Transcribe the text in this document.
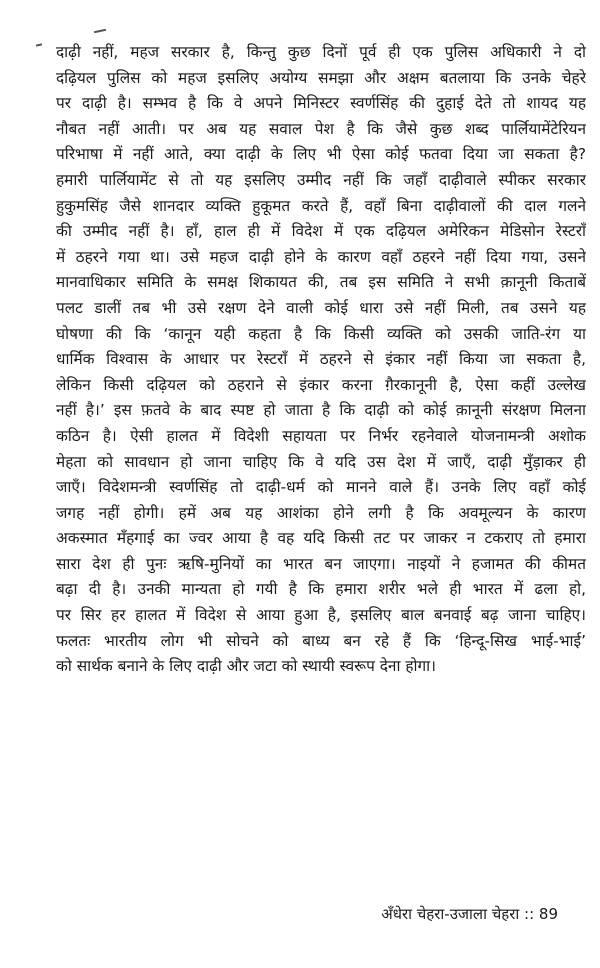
दाढ़ी नहीं, महज सरकार है, किन्तु कुछ दिनों पूर्व ही एक पुलिस अधिकारी ने दो
दढ़ियल पुलिस को महज इसलिए अयोग्य समझा और अक्षम बतलाया कि उनके चेहरे
पर दाढ़ी है। सम्भव है कि वे अपने मिनिस्टर स्वर्णसिंह की दुहाई देते तो शायद यह
नौबत नहीं आती। पर अब यह सवाल पेश है कि जैसे कुछ शब्द पार्लियामेंटेरियन
परिभाषा में नहीं आते, क्या दाढ़ी के लिए भी ऐसा कोई फतवा दिया जा सकता है?
हमारी पार्लियामेंट से तो यह इसलिए उम्मीद नहीं कि जहाँ दाढ़ीवाले स्पीकर सरकार
हुकुमसिंह जैसे शानदार व्यक्ति हुकूमत करते हैं, वहाँ बिना दाढ़ीवालों की दाल गलने
की उम्मीद नहीं है। हाँ, हाल ही में विदेश में एक दढ़ियल अमेरिकन मेडिसोन रेस्टराँ
में ठहरने गया था। उसे महज दाढ़ी होने के कारण वहाँ ठहरने नहीं दिया गया, उसने
मानवाधिकार समिति के समक्ष शिकायत की, तब इस समिति ने सभी क़ानूनी किताबें
पलट डालीं तब भी उसे रक्षण देने वाली कोई धारा उसे नहीं मिली, तब उसने यह
घोषणा की कि ‘कानून यही कहता है कि किसी व्यक्ति को उसकी जाति-रंग या
धार्मिक विश्वास के आधार पर रेस्टराँ में ठहरने से इंकार नहीं किया जा सकता है,
लेकिन किसी दढ़ियल को ठहराने से इंकार करना ग़ैरकानूनी है, ऐसा कहीं उल्लेख
नहीं है।’ इस फ़तवे के बाद स्पष्ट हो जाता है कि दाढ़ी को कोई क़ानूनी संरक्षण मिलना
कठिन है। ऐसी हालत में विदेशी सहायता पर निर्भर रहनेवाले योजनामन्त्री अशोक
मेहता को सावधान हो जाना चाहिए कि वे यदि उस देश में जाएँ, दाढ़ी मुँड़ाकर ही
जाएँ। विदेशमन्त्री स्वर्णसिंह तो दाढ़ी-धर्म को मानने वाले हैं। उनके लिए वहाँ कोई
जगह नहीं होगी। हमें अब यह आशंका होने लगी है कि अवमूल्यन के कारण
अकस्मात मँहगाई का ज्वर आया है वह यदि किसी तट पर जाकर न टकराए तो हमारा
सारा देश ही पुनः ऋषि-मुनियों का भारत बन जाएगा। नाइयों ने हजामत की कीमत
बढ़ा दी है। उनकी मान्यता हो गयी है कि हमारा शरीर भले ही भारत में ढला हो,
पर सिर हर हालत में विदेश से आया हुआ है, इसलिए बाल बनवाई बढ़ जाना चाहिए।
फलतः भारतीय लोग भी सोचने को बाध्य बन रहे हैं कि ‘हिन्दू-सिख भाई-भाई’
को सार्थक बनाने के लिए दाढ़ी और जटा को स्थायी स्वरूप देना होगा।
अँधेरा चेहरा-उजाला चेहरा :: 89
